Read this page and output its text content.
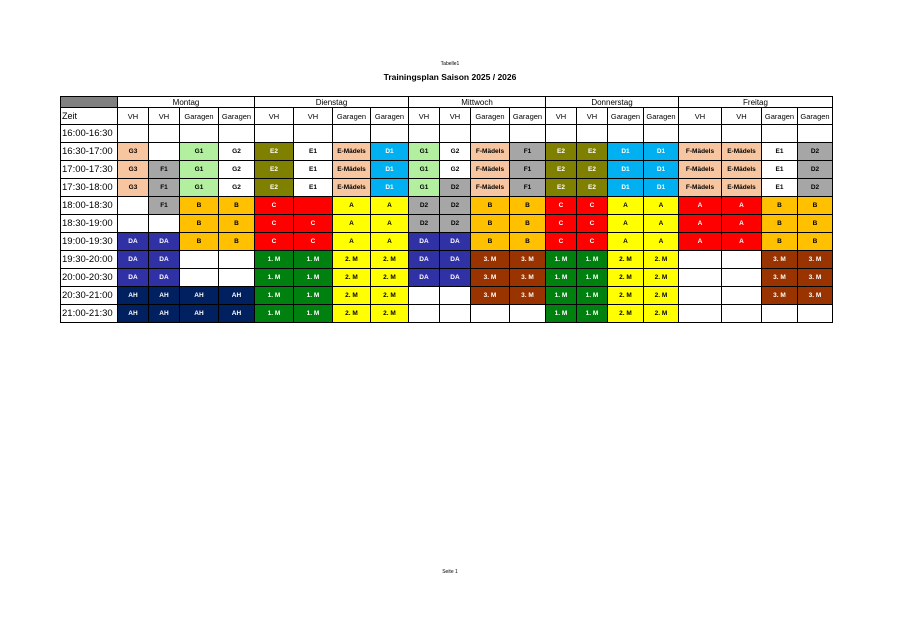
Tabelle1
Trainingsplan Saison 2025 / 2026
	Montag				Dienstag				Mittwoch				Donnerstag				Freitag			
Zeit	VH	VH	Garagen	Garagen	VH	VH	Garagen	Garagen	VH	VH	Garagen	Garagen	VH	VH	Garagen	Garagen	VH	VH	Garagen	Garagen
16:00-16:30																				
16:30-17:00	G3		G1	G2	E2	E1	E-Mädels	D1	G1	G2	F-Mädels	F1	E2	E2	D1	D1	F-Mädels	E-Mädels	E1	D2
17:00-17:30	G3	F1	G1	G2	E2	E1	E-Mädels	D1	G1	G2	F-Mädels	F1	E2	E2	D1	D1	F-Mädels	E-Mädels	E1	D2
17:30-18:00	G3	F1	G1	G2	E2	E1	E-Mädels	D1	G1	D2	F-Mädels	F1	E2	E2	D1	D1	F-Mädels	E-Mädels	E1	D2
18:00-18:30		F1	B	B	C	C	A	A	D2	D2	B	B	C	C	A	A	A	A	B	B
18:30-19:00			B	B	C	C	A	A	D2	D2	B	B	C	C	A	A	A	A	B	B
19:00-19:30	DA	DA	B	B	C	C	A	A	DA	DA	B	B	C	C	A	A	A	A	B	B
19:30-20:00	DA	DA			1. M	1. M	2. M	2. M	DA	DA	3. M	3. M	1. M	1. M	2. M	2. M			3. M	3. M
20:00-20:30	DA	DA			1. M	1. M	2. M	2. M	DA	DA	3. M	3. M	1. M	1. M	2. M	2. M			3. M	3. M
20:30-21:00	AH	AH	AH	AH	1. M	1. M	2. M	2. M			3. M	3. M	1. M	1. M	2. M	2. M			3. M	3. M
21:00-21:30	AH	AH	AH	AH	1. M	1. M	2. M	2. M					1. M	1. M	2. M	2. M				
Seite 1
